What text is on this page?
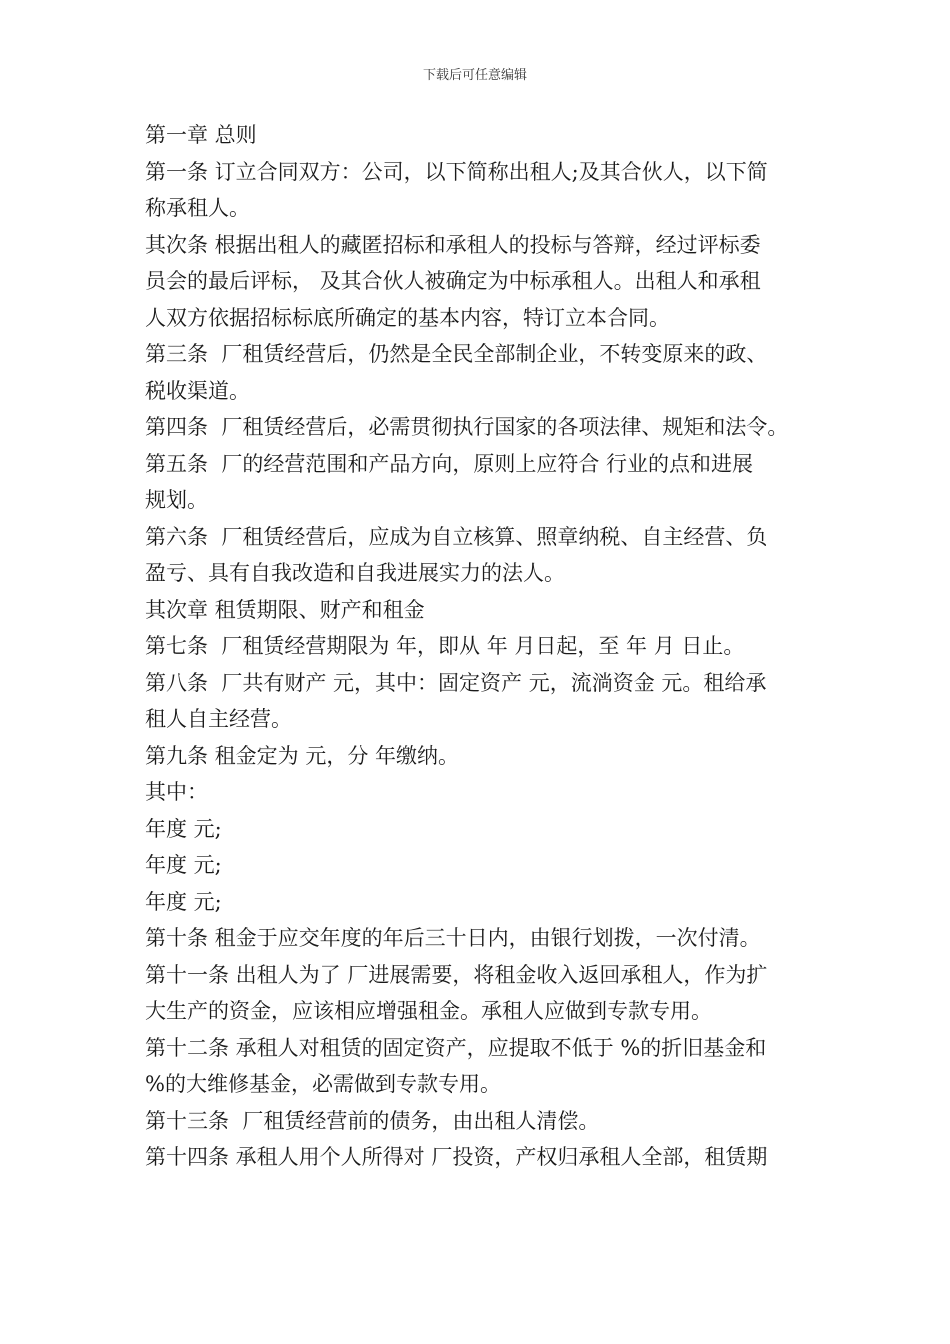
下载后可任意编辑
第一章 总则
第一条 订立合同双方：公司，以下简称出租人;及其合伙人，以下简
称承租人。
其次条 根据出租人的藏匿招标和承租人的投标与答辩，经过评标委
员会的最后评标， 及其合伙人被确定为中标承租人。出租人和承租
人双方依据招标标底所确定的基本内容，特订立本合同。
第三条  厂租赁经营后，仍然是全民全部制企业，不转变原来的政、
税收渠道。
第四条  厂租赁经营后，必需贯彻执行国家的各项法律、规矩和法令。
第五条  厂的经营范围和产品方向，原则上应符合 行业的点和进展
规划。
第六条  厂租赁经营后，应成为自立核算、照章纳税、自主经营、负
盈亏、具有自我改造和自我进展实力的法人。
其次章 租赁期限、财产和租金
第七条  厂租赁经营期限为 年，即从 年 月日起，至 年 月 日止。
第八条  厂共有财产 元，其中：固定资产 元，流淌资金 元。租给承
租人自主经营。
第九条 租金定为 元，分 年缴纳。
其中：
年度 元;
年度 元;
年度 元;
第十条 租金于应交年度的年后三十日内，由银行划拨，一次付清。
第十一条 出租人为了 厂进展需要，将租金收入返回承租人，作为扩
大生产的资金，应该相应增强租金。承租人应做到专款专用。
第十二条 承租人对租赁的固定资产，应提取不低于 %的折旧基金和
%的大维修基金，必需做到专款专用。
第十三条  厂租赁经营前的债务，由出租人清偿。
第十四条 承租人用个人所得对 厂投资，产权归承租人全部，租赁期
